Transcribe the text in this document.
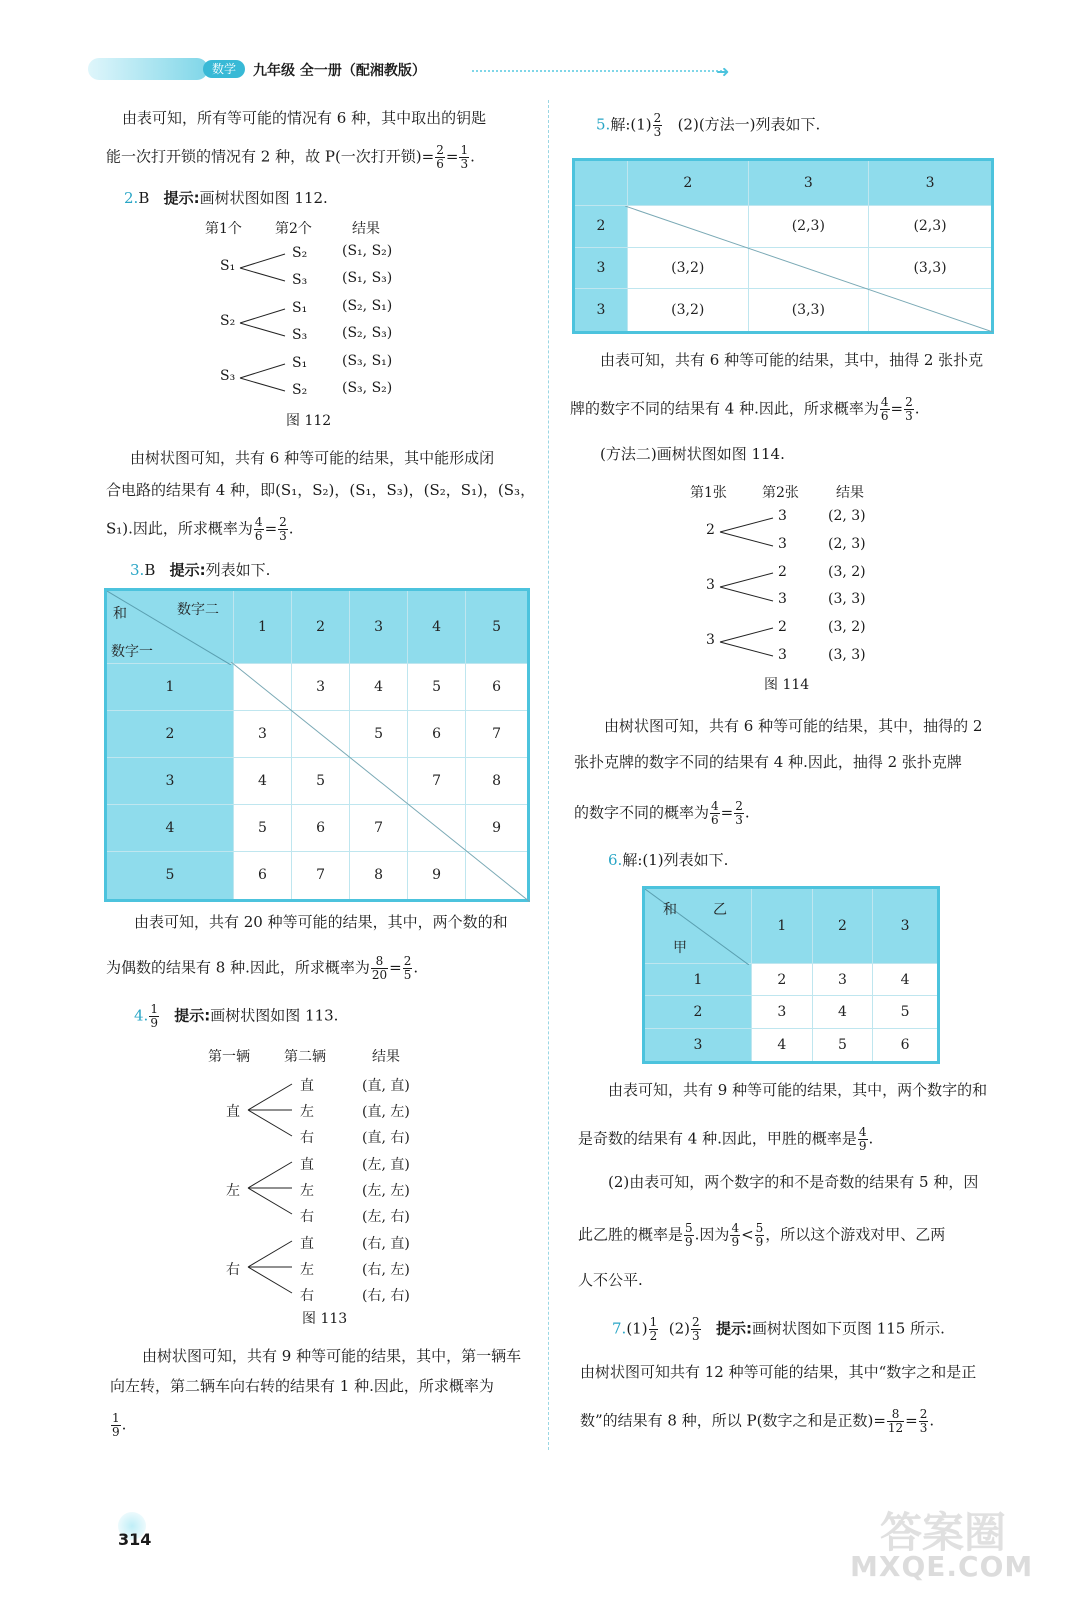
数学	九年级 全一册（配湘教版）	➜
由表可知，所有等可能的情况有 6 种，其中取出的钥匙
能一次打开锁的情况有 2 种，故 P(一次打开锁)= $\frac{2}{6} = \frac{1}{3}$ .
2.B 提示:画树状图如图 112.
第1个 第2个	结果
S₁
S₂
S₃
(S₁, S₂)
(S₁, S₃)
S₂
S₁
S₃
(S₂, S₁)
(S₂, S₃)
S₃
S₁
S₂
(S₃, S₁)
(S₃, S₂)
图 112
由树状图可知，共有 6 种等可能的结果，其中能形成闭
合电路的结果有 4 种，即(S₁，S₂)，(S₁，S₃)，(S₂，S₁)，(S₃，
S₁).因此，所求概率为 $\frac{4}{6} = \frac{2}{3}$ .
3.B 提示:列表如下.
数字二
和
数字一	1	2	3	4	5
1		3	4	5	6
2	3		5	6	7
3	4	5		7	8
4	5	6	7		9
5	6	7	8	9	
由表可知，共有 20 种等可能的结果，其中，两个数的和
为偶数的结果有 8 种.因此，所求概率为 $\frac{8}{20} = \frac{2}{5}$ .
4. $\frac{1}{9}$ 提示:画树状图如图 113.
第一辆 第二辆	结果
直
直
左
右
(直, 直)
(直, 左)
(直, 右)
左
直
左
右
(左, 直)
(左, 左)
(左, 右)
右
直
左
右
(右, 直)
(右, 左)
(右, 右)
图 113
由树状图可知，共有 9 种等可能的结果，其中，第一辆车
向左转，第二辆车向右转的结果有 1 种.因此，所求概率为
$\frac{1}{9}$ .
5.解:(1) $\frac{2}{3} (2)$(方法一)列表如下.
	2	3	3
2		(2,3)	(2,3)
3	(3,2)		(3,3)
3	(3,2)	(3,3)	
由表可知，共有 6 种等可能的结果，其中，抽得 2 张扑克
牌的数字不同的结果有 4 种.因此，所求概率为 $\frac{4}{6} = \frac{2}{3}$ .
(方法二)画树状图如图 114.
第1张	第2张	结果
2
3
3
(2, 3)
(2, 3)
3
2
3
(3, 2)
(3, 3)
3
2
3
(3, 2)
(3, 3)
图 114
由树状图可知，共有 6 种等可能的结果，其中，抽得的 2
张扑克牌的数字不同的结果有 4 种.因此，抽得 2 张扑克牌
的数字不同的概率为 $\frac{4}{6} = \frac{2}{3}$ .
6.解:(1)列表如下.
乙
和
甲	1	2	3
1	2	3	4
2	3	4	5
3	4	5	6
由表可知，共有 9 种等可能的结果，其中，两个数字的和
是奇数的结果有 4 种.因此，甲胜的概率是 $\frac{4}{9}$ .
(2)由表可知，两个数字的和不是奇数的结果有 5 种，因
此乙胜的概率是 $\frac{5}{9}$ .因为 $\frac{4}{9} < \frac{5}{9}$ ，所以这个游戏对甲、乙两
人不公平.
$7.(1) \frac{1}{2} (2) \frac{2}{3}$ 提示:画树状图如下页图 115 所示.
由树状图可知共有 12 种等可能的结果，其中“数字之和是正
数”的结果有 8 种，所以 P(数字之和是正数)= $\frac{8}{12} = \frac{2}{3}$ .
314	答案圈
MXQE.COM
